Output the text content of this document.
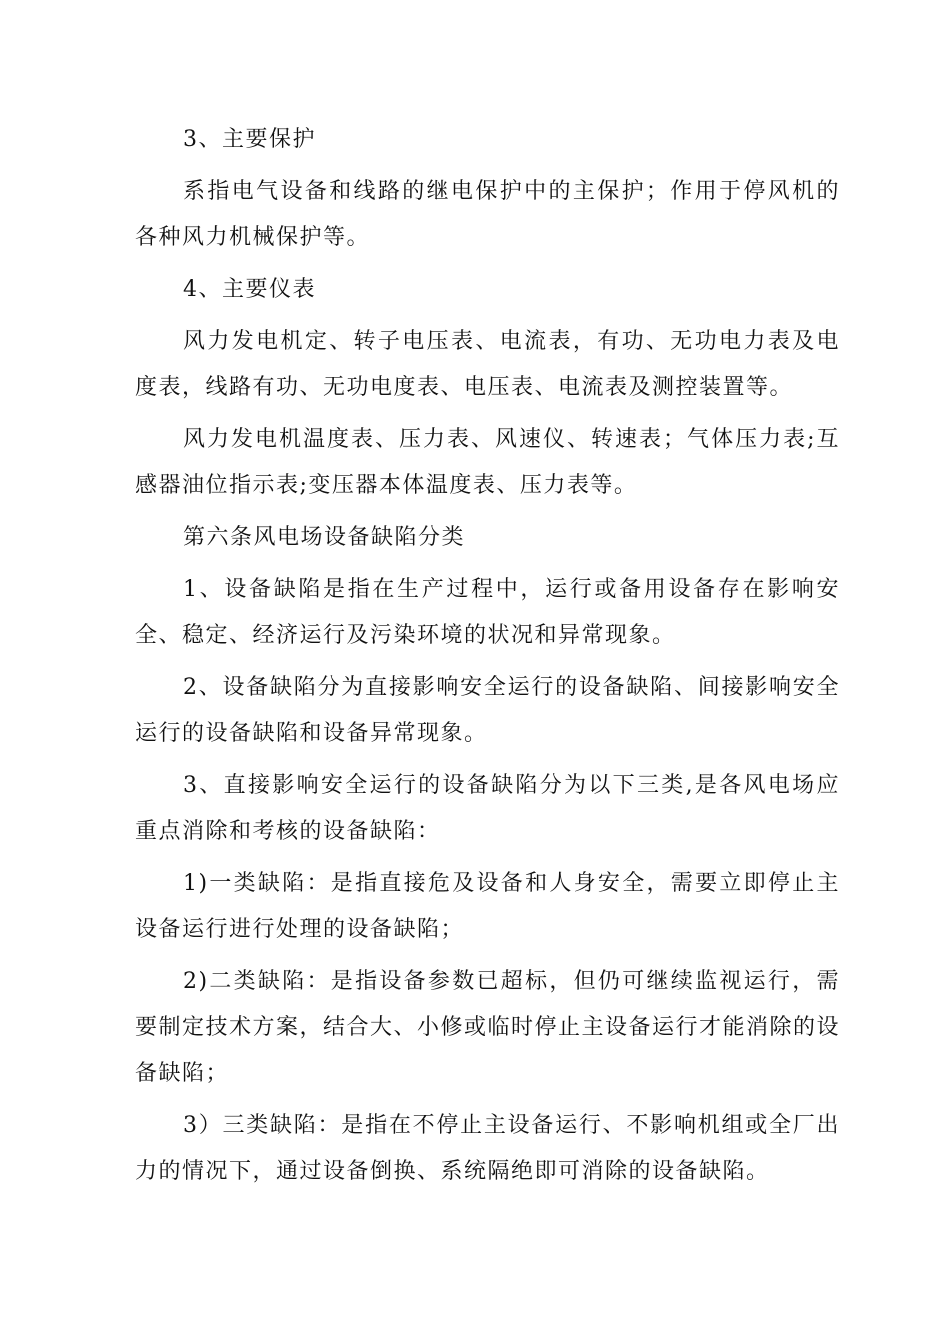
3、主要保护

系指电气设备和线路的继电保护中的主保护；作用于停风机的各种风力机械保护等。

4、主要仪表

风力发电机定、转子电压表、电流表，有功、无功电力表及电度表，线路有功、无功电度表、电压表、电流表及测控装置等。

风力发电机温度表、压力表、风速仪、转速表；气体压力表;互感器油位指示表;变压器本体温度表、压力表等。

第六条风电场设备缺陷分类

1、设备缺陷是指在生产过程中，运行或备用设备存在影响安全、稳定、经济运行及污染环境的状况和异常现象。

2、设备缺陷分为直接影响安全运行的设备缺陷、间接影响安全运行的设备缺陷和设备异常现象。

3、直接影响安全运行的设备缺陷分为以下三类,是各风电场应重点消除和考核的设备缺陷：

1)一类缺陷：是指直接危及设备和人身安全，需要立即停止主设备运行进行处理的设备缺陷；

2)二类缺陷：是指设备参数已超标，但仍可继续监视运行，需要制定技术方案，结合大、小修或临时停止主设备运行才能消除的设备缺陷；

3）三类缺陷：是指在不停止主设备运行、不影响机组或全厂出力的情况下，通过设备倒换、系统隔绝即可消除的设备缺陷。
